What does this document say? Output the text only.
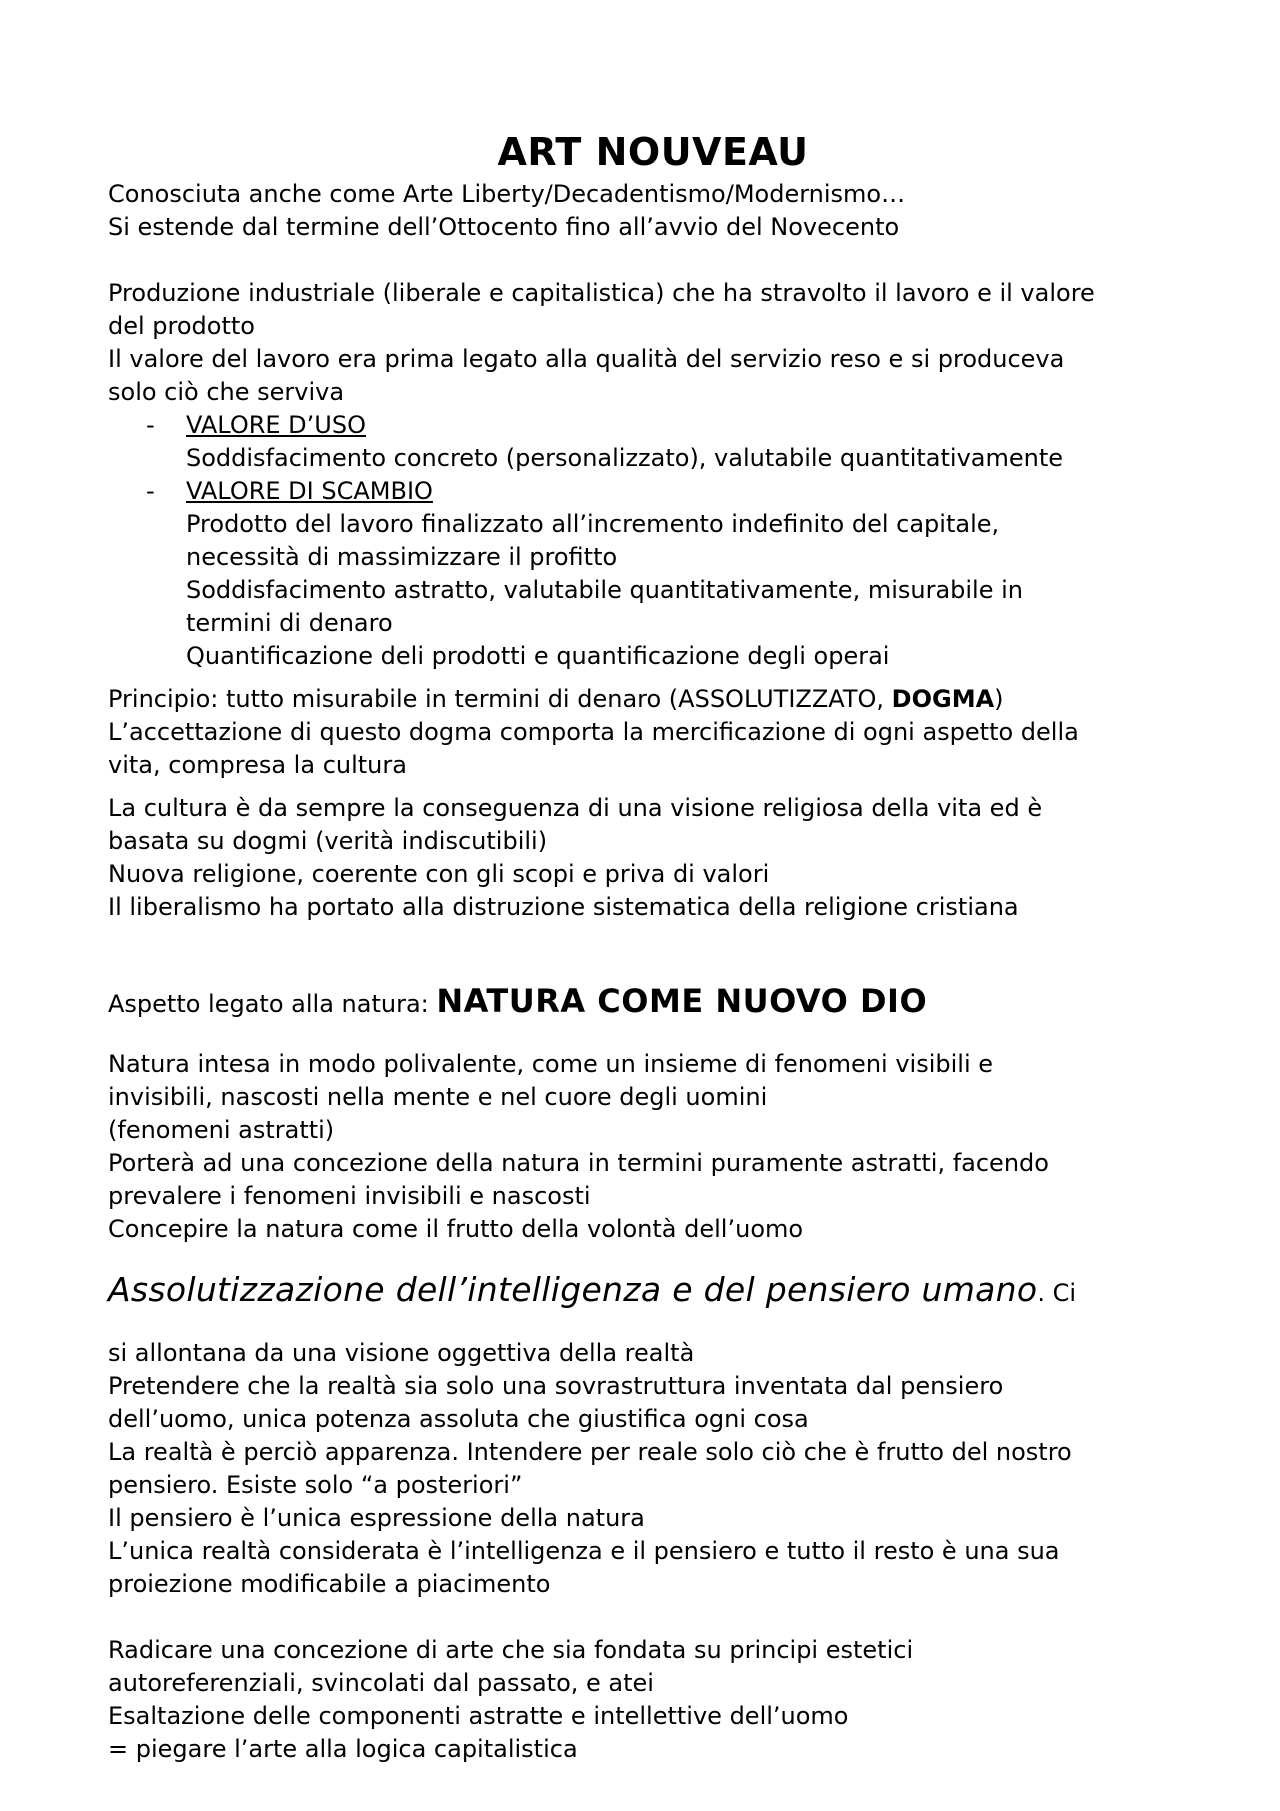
ART NOUVEAU

Conosciuta anche come Arte Liberty/Decadentismo/Modernismo…

Si estende dal termine dell’Ottocento fino all’avvio del Novecento

Produzione industriale (liberale e capitalistica) che ha stravolto il lavoro e il valore

del prodotto

Il valore del lavoro era prima legato alla qualità del servizio reso e si produceva

solo ciò che serviva

-	VALORE D’USO
Soddisfacimento concreto (personalizzato), valutabile quantitativamente
-	VALORE DI SCAMBIO
Prodotto del lavoro finalizzato all’incremento indefinito del capitale,
necessità di massimizzare il profitto
Soddisfacimento astratto, valutabile quantitativamente, misurabile in
termini di denaro
Quantificazione deli prodotti e quantificazione degli operai

Principio: tutto misurabile in termini di denaro (ASSOLUTIZZATO, DOGMA)

L’accettazione di questo dogma comporta la mercificazione di ogni aspetto della

vita, compresa la cultura

La cultura è da sempre la conseguenza di una visione religiosa della vita ed è

basata su dogmi (verità indiscutibili)

Nuova religione, coerente con gli scopi e priva di valori

Il liberalismo ha portato alla distruzione sistematica della religione cristiana

Aspetto legato alla natura: NATURA COME NUOVO DIO

Natura intesa in modo polivalente, come un insieme di fenomeni visibili e

invisibili, nascosti nella mente e nel cuore degli uomini

(fenomeni astratti)

Porterà ad una concezione della natura in termini puramente astratti, facendo

prevalere i fenomeni invisibili e nascosti

Concepire la natura come il frutto della volontà dell’uomo

Assolutizzazione dell’intelligenza e del pensiero umano. Ci

si allontana da una visione oggettiva della realtà

Pretendere che la realtà sia solo una sovrastruttura inventata dal pensiero

dell’uomo, unica potenza assoluta che giustifica ogni cosa

La realtà è perciò apparenza. Intendere per reale solo ciò che è frutto del nostro

pensiero. Esiste solo “a posteriori”

Il pensiero è l’unica espressione della natura

L’unica realtà considerata è l’intelligenza e il pensiero e tutto il resto è una sua

proiezione modificabile a piacimento

Radicare una concezione di arte che sia fondata su principi estetici

autoreferenziali, svincolati dal passato, e atei

Esaltazione delle componenti astratte e intellettive dell’uomo

= piegare l’arte alla logica capitalistica
